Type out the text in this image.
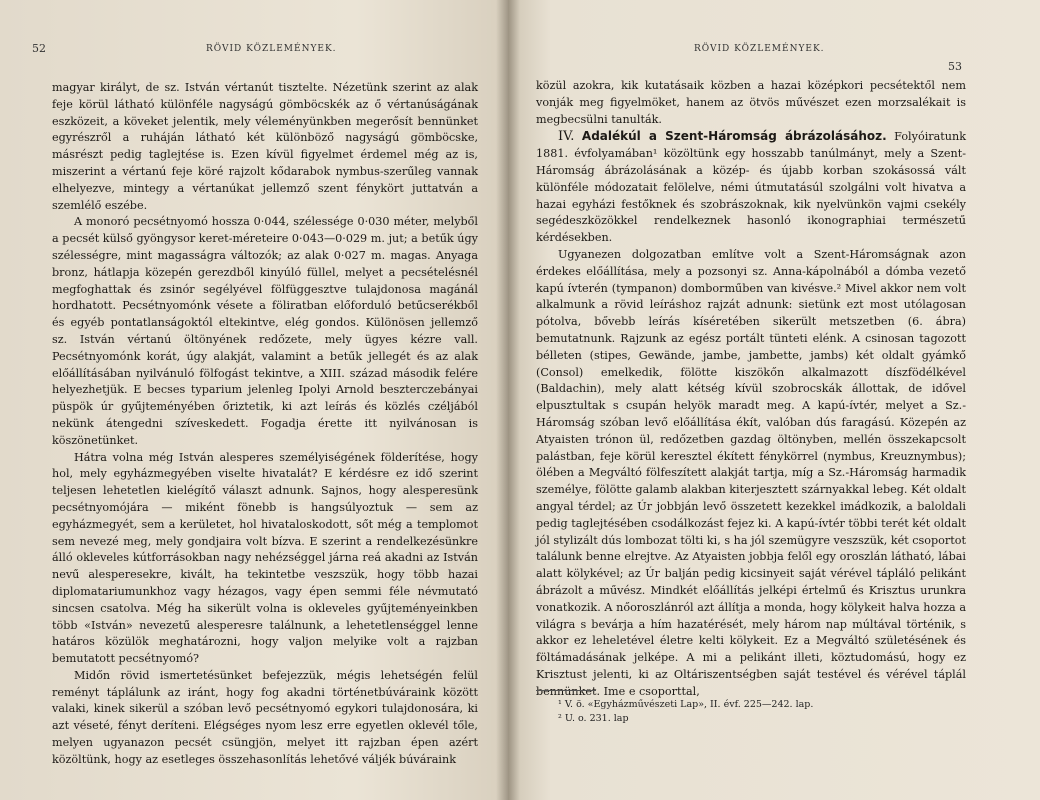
52	RÖVID KÖZLEMÉNYEK.

magyar királyt, de sz. István vértanút tisztelte. Nézetünk szerint az alak feje körül látható különféle nagyságú gömböcskék az ő vértanúságának eszközeit, a köveket jelentik, mely véleményünkben megerősít bennünket egyrészről a ruháján látható két különböző nagyságú gömböcske, másrészt pedig taglejtése is. Ezen kívül figyelmet érdemel még az is, miszerint a vértanú feje köré rajzolt kődarabok nymbus-szerűleg vannak elhelyezve, mintegy a vértanúkat jellemző szent fénykört juttatván a szemlélő eszébe.

A monoró pecsétnyomó hossza 0·044, szélessége 0·030 méter, melyből a pecsét külső gyöngysor keret-méreteire 0·043—0·029 m. jut; a betűk úgy szélességre, mint magasságra változók; az alak 0·027 m. magas. Anyaga bronz, hátlapja közepén gerezdből kinyúló füllel, melyet a pecsételésnél megfoghattak és zsinór segélyével fölfüggesztve tulajdonosa magánál hordhatott. Pecsétnyomónk vésete a föliratban előforduló betűcserékből és egyéb pontatlanságoktól eltekintve, elég gondos. Különösen jellemző sz. István vértanú öltönyének redőzete, mely ügyes kézre vall. Pecsétnyomónk korát, úgy alakját, valamint a betűk jellegét és az alak előállításában nyilvánuló fölfogást tekintve, a XIII. század második felére helyezhetjük. E becses typarium jelenleg Ipolyi Arnold beszterczebányai püspök úr gyűjteményében őriztetik, ki azt leírás és közlés czéljából nekünk átengedni szíveskedett. Fogadja érette itt nyilvánosan is köszönetünket.

Hátra volna még István alesperes személyiségének földerítése, hogy hol, mely egyházmegyében viselte hivatalát? E kérdésre ez idő szerint teljesen lehetetlen kielégítő választ adnunk. Sajnos, hogy alesperesünk pecsétnyomójára — miként fönebb is hangsúlyoztuk — sem az egyházmegyét, sem a kerületet, hol hivataloskodott, sőt még a templomot sem nevezé meg, mely gondjaira volt bízva. E szerint a rendelkezésünkre álló okleveles kútforrásokban nagy nehézséggel járna reá akadni az István nevű alesperesekre, kivált, ha tekintetbe veszszük, hogy több hazai diplomatariumunkhoz vagy hézagos, vagy épen semmi féle névmutató sincsen csatolva. Még ha sikerült volna is okleveles gyűjteményeinkben több «István» nevezetű alesperesre találnunk, a lehetetlenséggel lenne határos közülök meghatározni, hogy valjon melyike volt a rajzban bemutatott pecsétnyomó?

Midőn rövid ismertetésünket befejezzük, mégis lehetségén felül reményt táplálunk az iránt, hogy fog akadni történetbúváraink között valaki, kinek sikerül a szóban levő pecsétnyomó egykori tulajdonosára, ki azt véseté, fényt deríteni. Elégséges nyom lesz erre egyetlen oklevél tőle, melyen ugyanazon pecsét csüngjön, melyet itt rajzban épen azért közöltünk, hogy az esetleges összehasonlítás lehetővé váljék búváraink

RÖVID KÖZLEMÉNYEK.
53

közül azokra, kik kutatásaik közben a hazai középkori pecsétektől nem vonják meg figyelmöket, hanem az ötvös művészet ezen morzsalékait is megbecsülni tanulták.

IV. Adalékúl a Szent-Háromság ábrázolásához. Folyóiratunk 1881. évfolyamában¹ közöltünk egy hosszabb tanúlmányt, mely a Szent-Háromság ábrázolásának a közép- és újabb korban szokásossá vált különféle módozatait felölelve, némi útmutatásúl szolgálni volt hivatva a hazai egyházi festőknek és szobrászoknak, kik nyelvünkön vajmi csekély segédeszközökkel rendelkeznek hasonló ikonographiai természetű kérdésekben.

Ugyanezen dolgozatban említve volt a Szent-Háromságnak azon érdekes előállítása, mely a pozsonyi sz. Anna-kápolnából a dómba vezető kapú ívterén (tympanon) domborműben van kivésve.² Mivel akkor nem volt alkalmunk a rövid leíráshoz rajzát adnunk: sietünk ezt most utólagosan pótolva, bővebb leírás kíséretében sikerült metszetben (6. ábra) bemutatnunk. Rajzunk az egész portált tünteti elénk. A csinosan tagozott bélleten (stipes, Gewände, jambe, jambette, jambs) két oldalt gyámkő (Consol) emelkedik, fölötte kiszökőn alkalmazott díszfödélkével (Baldachin), mely alatt kétség kívül szobrocskák állottak, de idővel elpusztultak s csupán helyök maradt meg. A kapú-ívtér, melyet a Sz.-Háromság szóban levő előállítása ékít, valóban dús faragású. Közepén az Atyaisten trónon ül, redőzetben gazdag öltönyben, mellén összekapcsolt palástban, feje körül keresztel ékített fénykörrel (nymbus, Kreuznymbus); ölében a Megváltó fölfeszített alakját tartja, míg a Sz.-Háromság harmadik személye, fölötte galamb alakban kiterjesztett szárnyakkal lebeg. Két oldalt angyal térdel; az Úr jobbján levő összetett kezekkel imádkozik, a baloldali pedig taglejtésében csodálkozást fejez ki. A kapú-ívtér többi terét két oldalt jól stylizált dús lombozat tölti ki, s ha jól szemügyre veszszük, két csoportot találunk benne elrejtve. Az Atyaisten jobbja felől egy oroszlán látható, lábai alatt kölykével; az Úr balján pedig kicsinyeit saját vérével tápláló pelikánt ábrázolt a művész. Mindkét előállítás jelképi értelmű és Krisztus urunkra vonatkozik. A nőoroszlánról azt állítja a monda, hogy kölykeit halva hozza a világra s bevárja a hím hazatérését, mely három nap múltával történik, s akkor ez leheletével életre kelti kölykeit. Ez a Megváltó születésének és föltámadásának jelképe. A mi a pelikánt illeti, köztudomású, hogy ez Krisztust jelenti, ki az Oltáriszentségben saját testével és vérével táplál bennünket. Ime e csoporttal,

¹ V. ö. «Egyházművészeti Lap», II. évf. 225—242. lap.
² U. o. 231. lap
